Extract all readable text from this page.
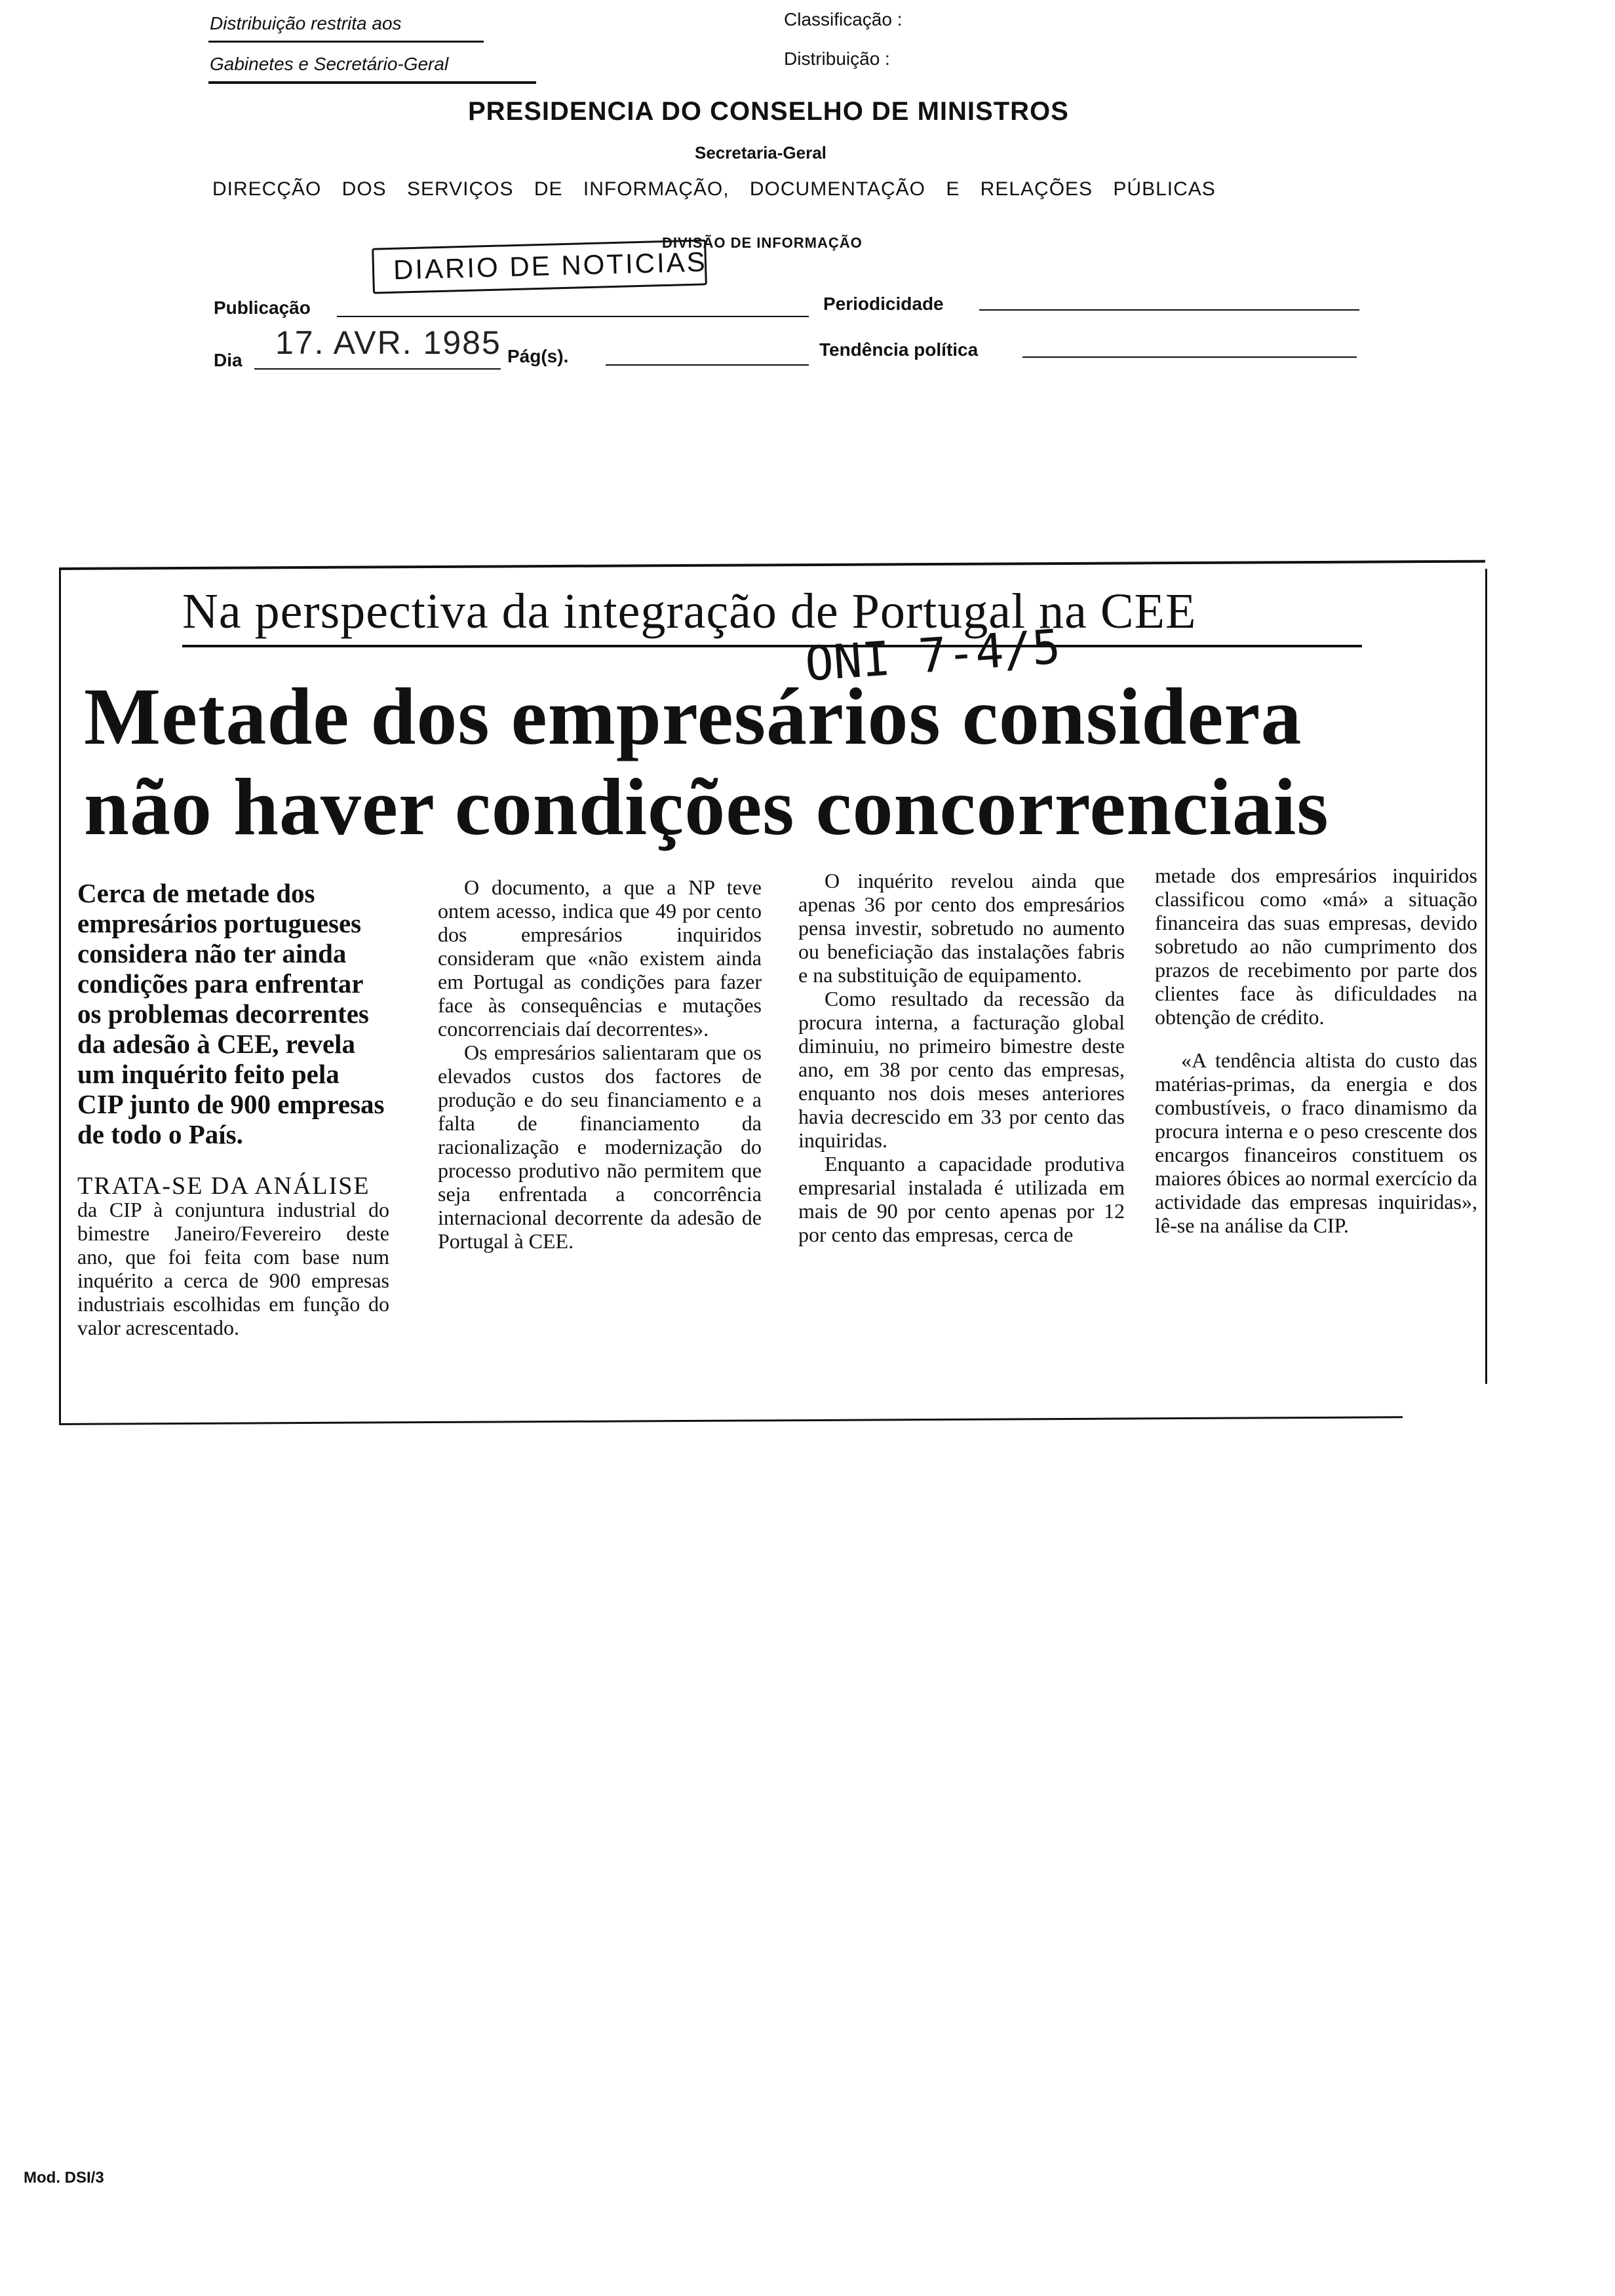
Distribuição restrita aos
Gabinetes e Secretário-Geral
Classificação :
Distribuição :
PRESIDENCIA DO CONSELHO DE MINISTROS
Secretaria-Geral
DIRECÇÃO DOS SERVIÇOS DE INFORMAÇÃO, DOCUMENTAÇÃO E RELAÇÕES PÚBLICAS
DIVISÃO DE INFORMAÇÃO
DIARIO DE NOTICIAS
Publicação	Periodicidade
Dia 17. AVR. 1985 Pág(s).	Tendência política
Na perspectiva da integração de Portugal na CEE
ONI 7-4/5
Metade dos empresários considera
não haver condições concorrenciais

Cerca de metade dos empresários portugueses considera não ter ainda condições para enfrentar os problemas decorrentes da adesão à CEE, revela um inquérito feito pela CIP junto de 900 empresas de todo o País.

TRATA-SE DA ANÁLISE

da CIP à conjuntura industrial do bimestre Janeiro/Fevereiro deste ano, que foi feita com base num inquérito a cerca de 900 empresas industriais escolhidas em função do valor acrescentado.

O documento, a que a NP teve ontem acesso, indica que 49 por cento dos empresários inquiridos consideram que «não existem ainda em Portugal as condições para fazer face às consequências e mutações concorrenciais daí decorrentes».

Os empresários salientaram que os elevados custos dos factores de produção e do seu financiamento e a falta de financiamento da racionalização e modernização do processo produtivo não permitem que seja enfrentada a concorrência internacional decorrente da adesão de Portugal à CEE.

O inquérito revelou ainda que apenas 36 por cento dos empresários pensa investir, sobretudo no aumento ou beneficiação das instalações fabris e na substituição de equipamento.

Como resultado da recessão da procura interna, a facturação global diminuiu, no primeiro bimestre deste ano, em 38 por cento das empresas, enquanto nos dois meses anteriores havia decrescido em 33 por cento das inquiridas.

Enquanto a capacidade produtiva empresarial instalada é utilizada em mais de 90 por cento apenas por 12 por cento das empresas, cerca de

metade dos empresários inquiridos classificou como «má» a situação financeira das suas empresas, devido sobretudo ao não cumprimento dos prazos de recebimento por parte dos clientes face às dificuldades na obtenção de crédito.

«A tendência altista do custo das matérias-primas, da energia e dos combustíveis, o fraco dinamismo da procura interna e o peso crescente dos encargos financeiros constituem os maiores óbices ao normal exercício da actividade das empresas inquiridas», lê-se na análise da CIP.

Mod. DSI/3
